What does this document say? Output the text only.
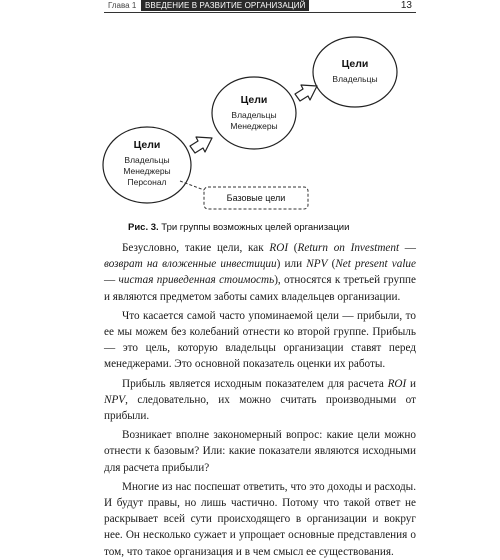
Глава 1	ВВЕДЕНИЕ В РАЗВИТИЕ ОРГАНИЗАЦИЙ	13
Цели
Владельцы
Менеджеры
Персонал
Цели
Владельцы
Менеджеры
Цели
Владельцы
Базовые цели
Рис. 3. Три группы возможных целей организации

Безусловно, такие цели, как ROI (Return on Investment — возврат на вложенные инвестиции) или NPV (Net present value — чистая приведенная стоимость), относятся к третьей группе и являются предметом заботы самих владельцев организации.

Что касается самой часто упоминаемой цели — прибыли, то ее мы можем без колебаний отнести ко второй группе. Прибыль — это цель, которую владельцы организации ставят перед менеджерами. Это основной показатель оценки их работы.

Прибыль является исходным показателем для расчета ROI и NPV, следовательно, их можно считать производными от прибыли.

Возникает вполне закономерный вопрос: какие цели можно отнести к базовым? Или: какие показатели являются исходными для расчета прибыли?

Многие из нас поспешат ответить, что это доходы и расходы. И будут правы, но лишь частично. Потому что такой ответ не раскрывает всей сути происходящего в организации и вокруг нее. Он несколько сужает и упрощает основные представления о том, что такое организация и в чем смысл ее существования.
